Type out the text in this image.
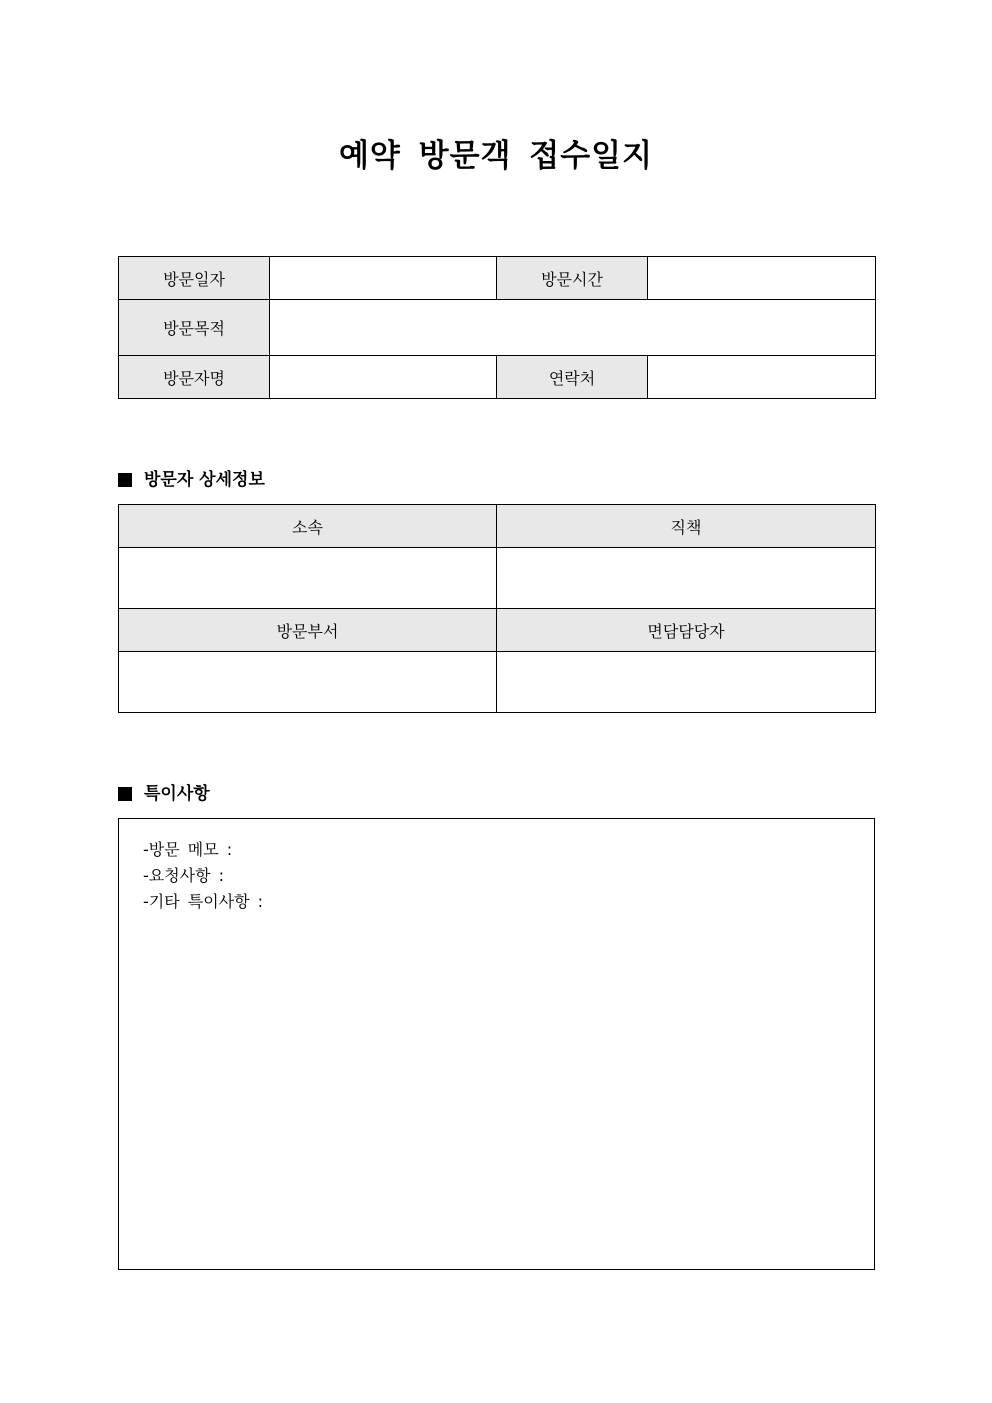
예약 방문객 접수일지
방문일자		방문시간	
방문목적			
방문자명		연락처	
방문자 상세정보
소속	직책

방문부서	면담담당자

특이사항
-방문 메모 :
-요청사항 :
-기타 특이사항 :
